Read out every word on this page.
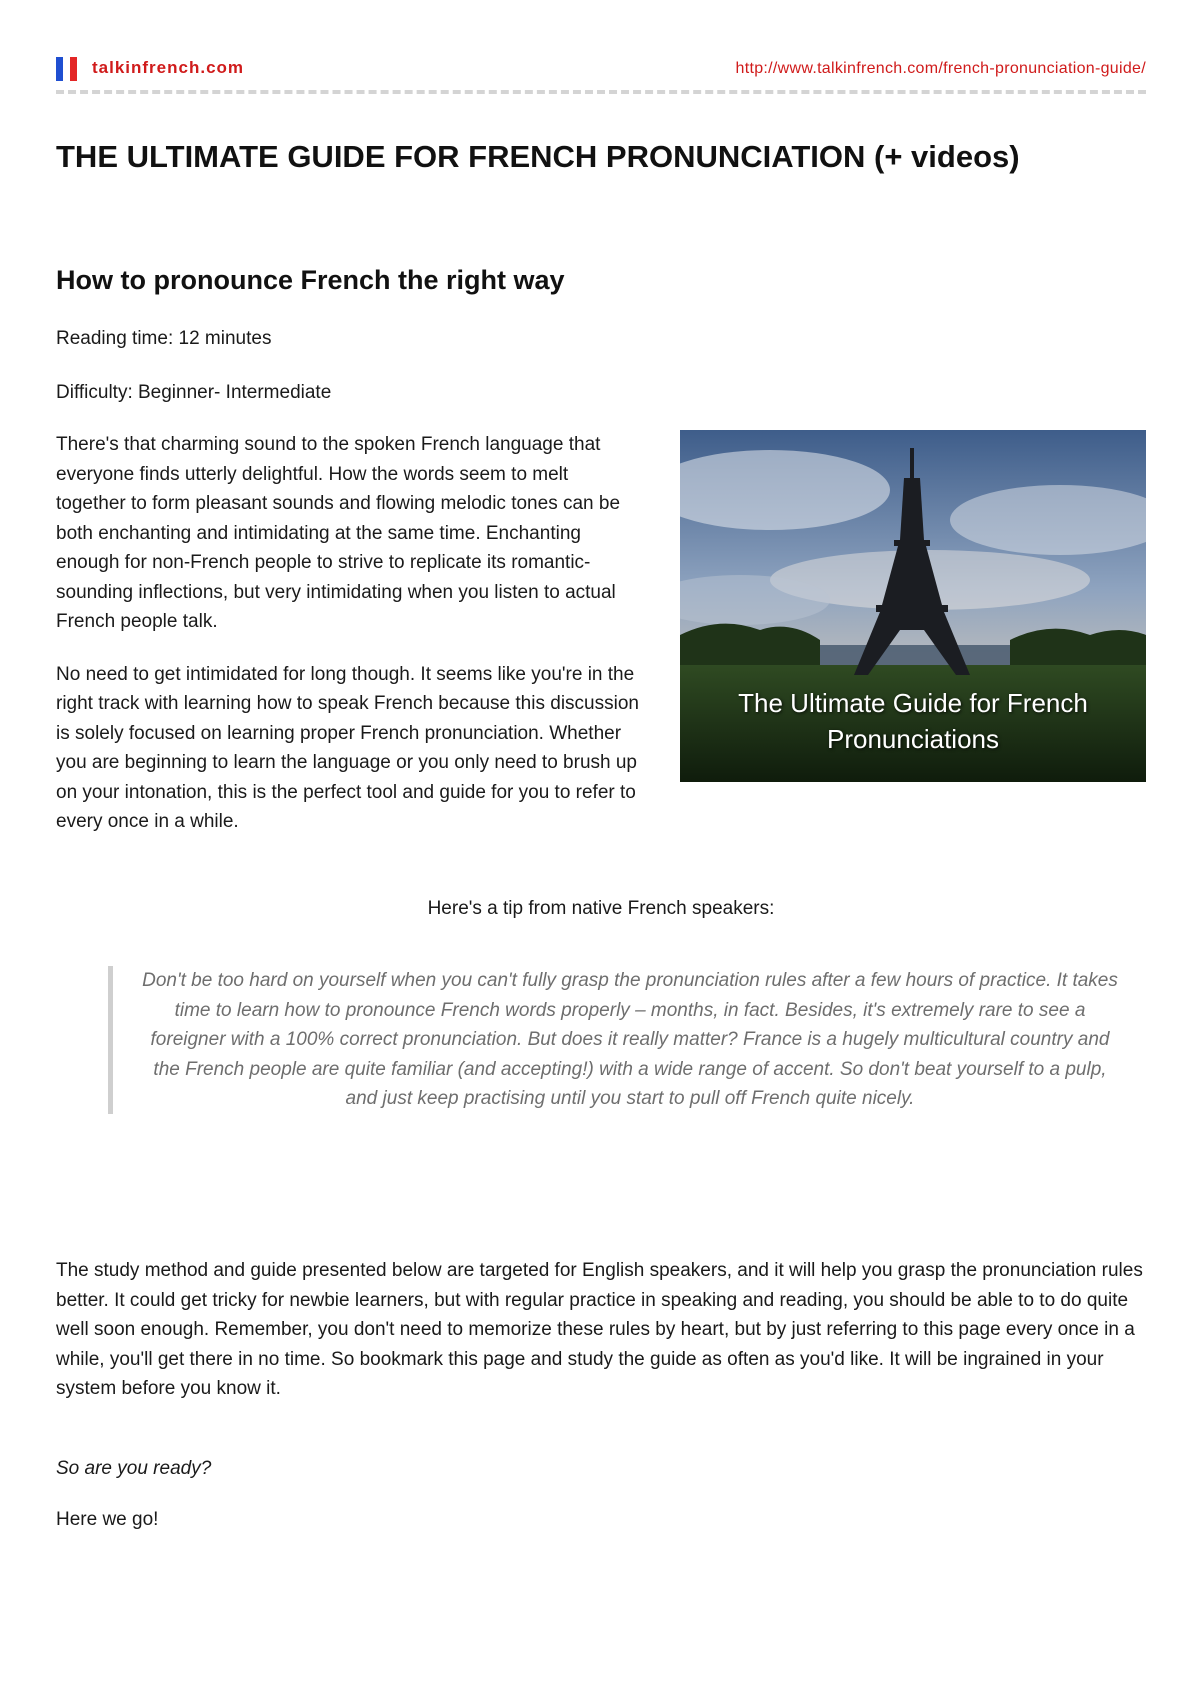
talkinfrench.com	http://www.talkinfrench.com/french-pronunciation-guide/
THE ULTIMATE GUIDE FOR FRENCH PRONUNCIATION (+ videos)
How to pronounce French the right way

Reading time: 12 minutes

Difficulty: Beginner- Intermediate

The Ultimate Guide for French
Pronunciations

There's that charming sound to the spoken French language that everyone finds utterly delightful. How the words seem to melt together to form pleasant sounds and flowing melodic tones can be both enchanting and intimidating at the same time. Enchanting enough for non-French people to strive to replicate its romantic-sounding inflections, but very intimidating when you listen to actual French people talk.

No need to get intimidated for long though. It seems like you're in the right track with learning how to speak French because this discussion is solely focused on learning proper French pronunciation. Whether you are beginning to learn the language or you only need to brush up on your intonation, this is the perfect tool and guide for you to refer to every once in a while.

Here's a tip from native French speakers:

Don't be too hard on yourself when you can't fully grasp the pronunciation rules after a few hours of practice. It takes time to learn how to pronounce French words properly – months, in fact. Besides, it's extremely rare to see a foreigner with a 100% correct pronunciation. But does it really matter? France is a hugely multicultural country and the French people are quite familiar (and accepting!) with a wide range of accent. So don't beat yourself to a pulp, and just keep practising until you start to pull off French quite nicely.

The study method and guide presented below are targeted for English speakers, and it will help you grasp the pronunciation rules better. It could get tricky for newbie learners, but with regular practice in speaking and reading, you should be able to to do quite well soon enough. Remember, you don't need to memorize these rules by heart, but by just referring to this page every once in a while, you'll get there in no time. So bookmark this page and study the guide as often as you'd like. It will be ingrained in your system before you know it.

So are you ready?

Here we go!
